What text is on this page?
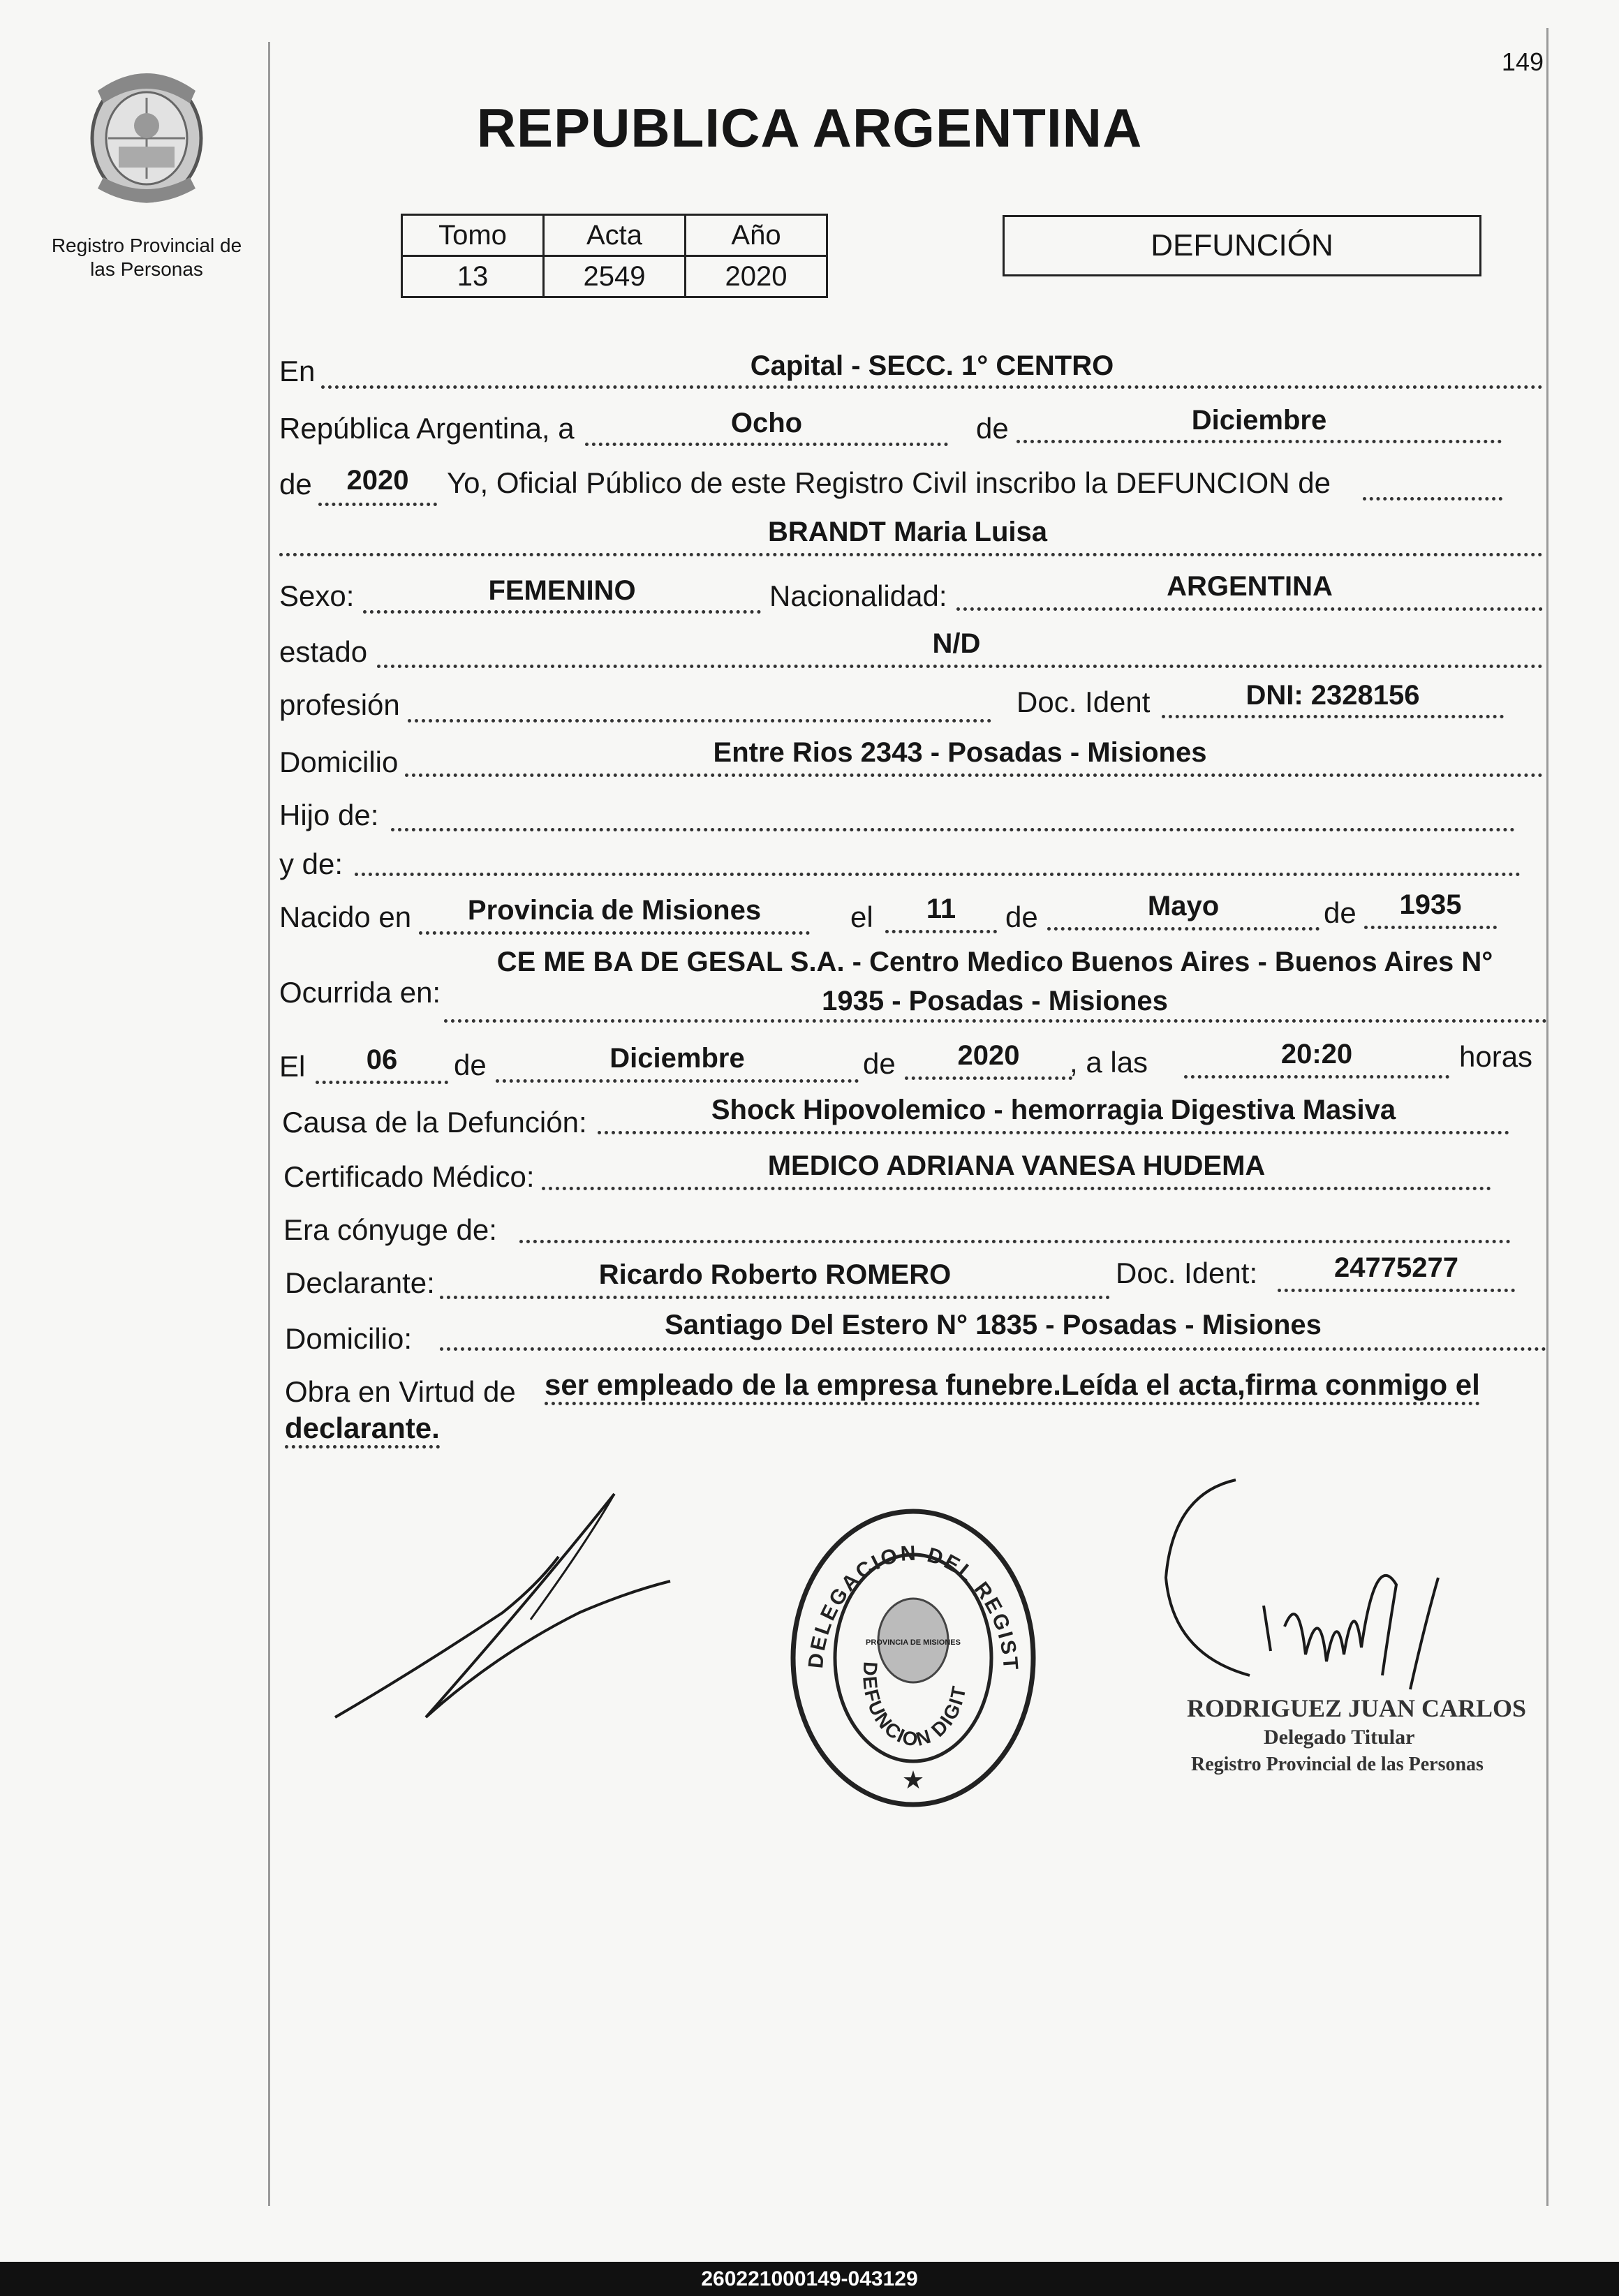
149
Registro Provincial de
las Personas
REPUBLICA ARGENTINA
Tomo	Acta	Año
13	2549	2020
DEFUNCIÓN
En	Capital - SECC. 1° CENTRO
República Argentina, a	Ocho	de	Diciembre
de	2020	Yo, Oficial Público de este Registro Civil inscribo la DEFUNCION de
BRANDT Maria Luisa
Sexo:	FEMENINO	Nacionalidad:	ARGENTINA
estado	N/D
profesión	Doc. Ident	DNI: 2328156
Domicilio	Entre Rios 2343 - Posadas - Misiones
Hijo de:
y de:
Nacido en	Provincia de Misiones	el	11	de	Mayo	de	1935
Ocurrida en:
CE ME BA DE GESAL S.A. - Centro Medico Buenos Aires - Buenos Aires N°
1935 - Posadas - Misiones
El	06	de	Diciembre	de	2020	, a las	20:20	horas
Causa de la Defunción:	Shock Hipovolemico - hemorragia Digestiva Masiva
Certificado Médico:	MEDICO ADRIANA VANESA HUDEMA
Era cónyuge de:
Declarante:	Ricardo Roberto ROMERO	Doc. Ident:	24775277
Domicilio:	Santiago Del Estero N° 1835 - Posadas - Misiones
Obra en Virtud de ser empleado de la empresa funebre.Leída el acta,firma conmigo el
declarante.
DELEGACION DEL REGIST
DEFUNCION DIGIT
PROVINCIA DE MISIONES
★
RODRIGUEZ JUAN CARLOS
Delegado Titular
Registro Provincial de las Personas
260221000149-043129
